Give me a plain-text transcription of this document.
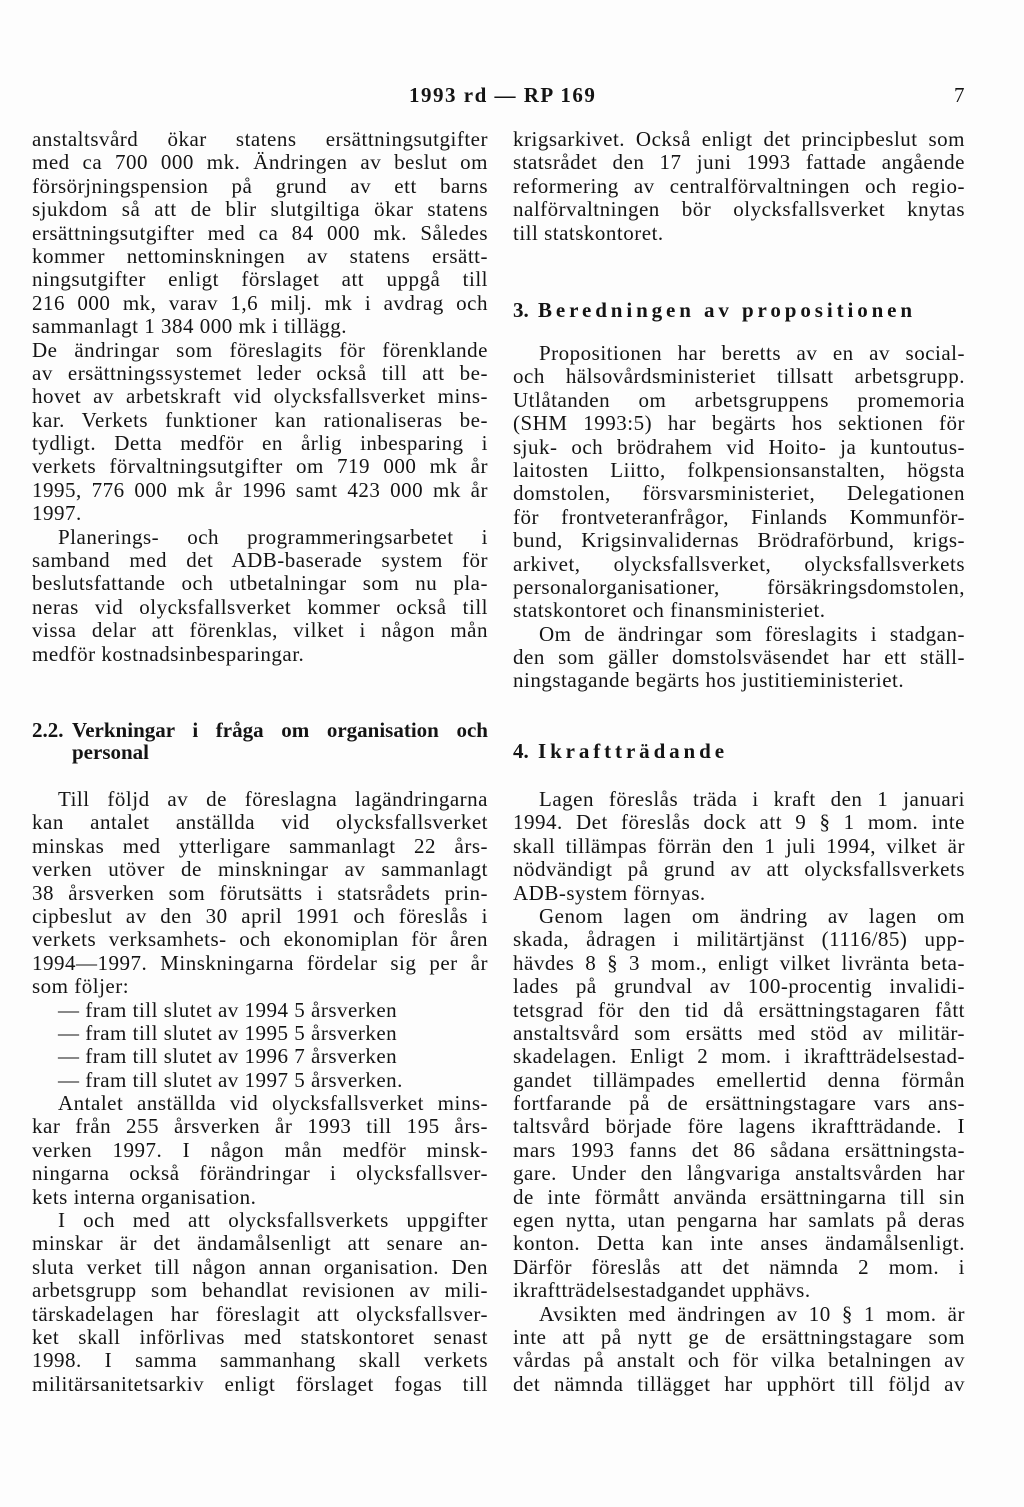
1993 rd — RP 169	7
anstaltsvård ökar statens ersättningsutgifter
med ca 700 000 mk. Ändringen av beslut om
försörjningspension på grund av ett barns
sjukdom så att de blir slutgiltiga ökar statens
ersättningsutgifter med ca 84 000 mk. Således
kommer nettominskningen av statens ersätt-
ningsutgifter enligt förslaget att uppgå till
216 000 mk, varav 1,6 milj. mk i avdrag och
sammanlagt 1 384 000 mk i tillägg.
De ändringar som föreslagits för förenklande
av ersättningssystemet leder också till att be-
hovet av arbetskraft vid olycksfallsverket mins-
kar. Verkets funktioner kan rationaliseras be-
tydligt. Detta medför en årlig inbesparing i
verkets förvaltningsutgifter om 719 000 mk år
1995, 776 000 mk år 1996 samt 423 000 mk år
1997.
Planerings- och programmeringsarbetet i
samband med det ADB-baserade system för
beslutsfattande och utbetalningar som nu pla-
neras vid olycksfallsverket kommer också till
vissa delar att förenklas, vilket i någon mån
medför kostnadsinbesparingar.
2.2. Verkningar i fråga om organisation och
personal
Till följd av de föreslagna lagändringarna
kan antalet anställda vid olycksfallsverket
minskas med ytterligare sammanlagt 22 års-
verken utöver de minskningar av sammanlagt
38 årsverken som förutsätts i statsrådets prin-
cipbeslut av den 30 april 1991 och föreslås i
verkets verksamhets- och ekonomiplan för åren
1994—1997. Minskningarna fördelar sig per år
som följer:
— fram till slutet av 1994 5 årsverken
— fram till slutet av 1995 5 årsverken
— fram till slutet av 1996 7 årsverken
— fram till slutet av 1997 5 årsverken.
Antalet anställda vid olycksfallsverket mins-
kar från 255 årsverken år 1993 till 195 års-
verken 1997. I någon mån medför minsk-
ningarna också förändringar i olycksfallsver-
kets interna organisation.
I och med att olycksfallsverkets uppgifter
minskar är det ändamålsenligt att senare an-
sluta verket till någon annan organisation. Den
arbetsgrupp som behandlat revisionen av mili-
tärskadelagen har föreslagit att olycksfallsver-
ket skall införlivas med statskontoret senast
1998. I samma sammanhang skall verkets
militärsanitetsarkiv enligt förslaget fogas till
krigsarkivet. Också enligt det principbeslut som
statsrådet den 17 juni 1993 fattade angående
reformering av centralförvaltningen och regio-
nalförvaltningen bör olycksfallsverket knytas
till statskontoret.
3. Beredningen av propositionen
Propositionen har beretts av en av social-
och hälsovårdsministeriet tillsatt arbetsgrupp.
Utlåtanden om arbetsgruppens promemoria
(SHM 1993:5) har begärts hos sektionen för
sjuk- och brödrahem vid Hoito- ja kuntoutus-
laitosten Liitto, folkpensionsanstalten, högsta
domstolen, försvarsministeriet, Delegationen
för frontveteranfrågor, Finlands Kommunför-
bund, Krigsinvalidernas Brödraförbund, krigs-
arkivet, olycksfallsverket, olycksfallsverkets
personalorganisationer, försäkringsdomstolen,
statskontoret och finansministeriet.
Om de ändringar som föreslagits i stadgan-
den som gäller domstolsväsendet har ett ställ-
ningstagande begärts hos justitieministeriet.
4. Ikraftträdande
Lagen föreslås träda i kraft den 1 januari
1994. Det föreslås dock att 9 § 1 mom. inte
skall tillämpas förrän den 1 juli 1994, vilket är
nödvändigt på grund av att olycksfallsverkets
ADB-system förnyas.
Genom lagen om ändring av lagen om
skada, ådragen i militärtjänst (1116/85) upp-
hävdes 8 § 3 mom., enligt vilket livränta beta-
lades på grundval av 100-procentig invalidi-
tetsgrad för den tid då ersättningstagaren fått
anstaltsvård som ersätts med stöd av militär-
skadelagen. Enligt 2 mom. i ikraftträdelsestad-
gandet tillämpades emellertid denna förmån
fortfarande på de ersättningstagare vars ans-
taltsvård började före lagens ikraftträdande. I
mars 1993 fanns det 86 sådana ersättningsta-
gare. Under den långvariga anstaltsvården har
de inte förmått använda ersättningarna till sin
egen nytta, utan pengarna har samlats på deras
konton. Detta kan inte anses ändamålsenligt.
Därför föreslås att det nämnda 2 mom. i
ikraftträdelsestadgandet upphävs.
Avsikten med ändringen av 10 § 1 mom. är
inte att på nytt ge de ersättningstagare som
vårdas på anstalt och för vilka betalningen av
det nämnda tillägget har upphört till följd av
